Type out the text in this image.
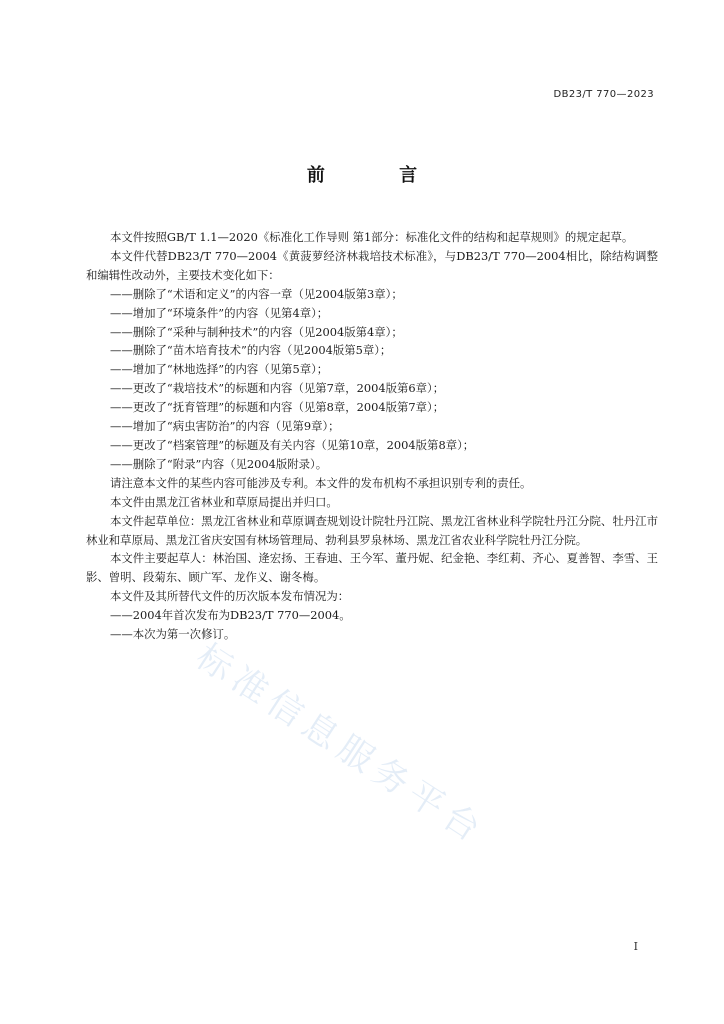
DB23/T 770—2023
前 言

本文件按照GB/T 1.1—2020《标准化工作导则 第1部分：标准化文件的结构和起草规则》的规定起草。

本文件代替DB23/T 770—2004《黄菠萝经济林栽培技术标准》，与DB23/T 770—2004相比，除结构调整和编辑性改动外，主要技术变化如下：

——删除了“术语和定义”的内容一章（见2004版第3章）；

——增加了“环境条件”的内容（见第4章）；

——删除了“采种与制种技术”的内容（见2004版第4章）；

——删除了“苗木培育技术”的内容（见2004版第5章）；

——增加了“林地选择”的内容（见第5章）；

——更改了“栽培技术”的标题和内容（见第7章，2004版第6章）；

——更改了“抚育管理”的标题和内容（见第8章，2004版第7章）；

——增加了“病虫害防治”的内容（见第9章）；

——更改了“档案管理”的标题及有关内容（见第10章，2004版第8章）；

——删除了“附录”内容（见2004版附录）。

请注意本文件的某些内容可能涉及专利。本文件的发布机构不承担识别专利的责任。

本文件由黑龙江省林业和草原局提出并归口。

本文件起草单位：黑龙江省林业和草原调查规划设计院牡丹江院、黑龙江省林业科学院牡丹江分院、牡丹江市林业和草原局、黑龙江省庆安国有林场管理局、勃利县罗泉林场、黑龙江省农业科学院牡丹江分院。

本文件主要起草人：林治国、逄宏扬、王春迪、王今军、董丹妮、纪金艳、李红莉、齐心、夏善智、李雪、王影、曾明、段菊东、顾广军、龙作义、谢冬梅。

本文件及其所替代文件的历次版本发布情况为：

——2004年首次发布为DB23/T 770—2004。

——本次为第一次修订。

标准信息服务平台
I
